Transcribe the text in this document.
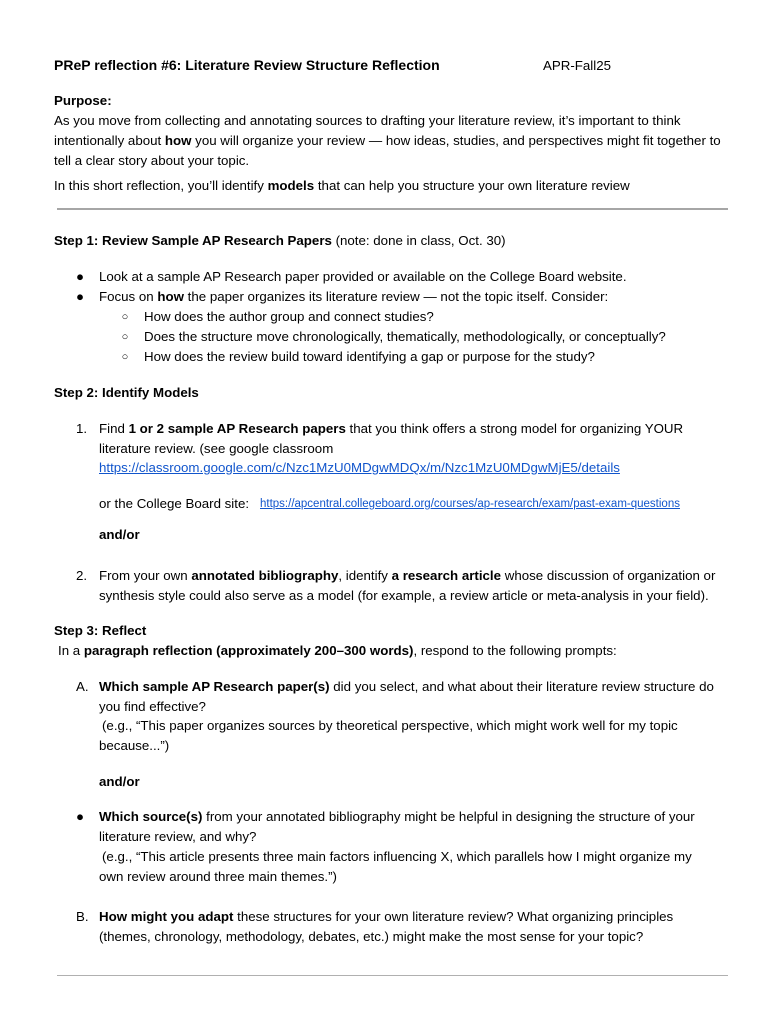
PReP reflection #6: Literature Review Structure Reflection	APR-Fall25
Purpose:
As you move from collecting and annotating sources to drafting your literature review, it’s important to think intentionally about how you will organize your review — how ideas, studies, and perspectives might fit together to tell a clear story about your topic.
In this short reflection, you’ll identify models that can help you structure your own literature review
Step 1: Review Sample AP Research Papers (note: done in class, Oct. 30)
● Look at a sample AP Research paper provided or available on the College Board website.
● Focus on how the paper organizes its literature review — not the topic itself. Consider:
○ How does the author group and connect studies?
○ Does the structure move chronologically, thematically, methodologically, or conceptually?
○ How does the review build toward identifying a gap or purpose for the study?
Step 2: Identify Models
1. Find 1 or 2 sample AP Research papers that you think offers a strong model for organizing YOUR literature review. (see google classroom
https://classroom.google.com/c/Nzc1MzU0MDgwMDQx/m/Nzc1MzU0MDgwMjE5/details
or the College Board site: https://apcentral.collegeboard.org/courses/ap-research/exam/past-exam-questions
and/or
2. From your own annotated bibliography, identify a research article whose discussion of organization or synthesis style could also serve as a model (for example, a review article or meta-analysis in your field).
Step 3: Reflect
In a paragraph reflection (approximately 200–300 words), respond to the following prompts:
A. Which sample AP Research paper(s) did you select, and what about their literature review structure do you find effective?
(e.g., “This paper organizes sources by theoretical perspective, which might work well for my topic because...”)
and/or
● Which source(s) from your annotated bibliography might be helpful in designing the structure of your literature review, and why?
(e.g., “This article presents three main factors influencing X, which parallels how I might organize my own review around three main themes.”)
B. How might you adapt these structures for your own literature review? What organizing principles (themes, chronology, methodology, debates, etc.) might make the most sense for your topic?
